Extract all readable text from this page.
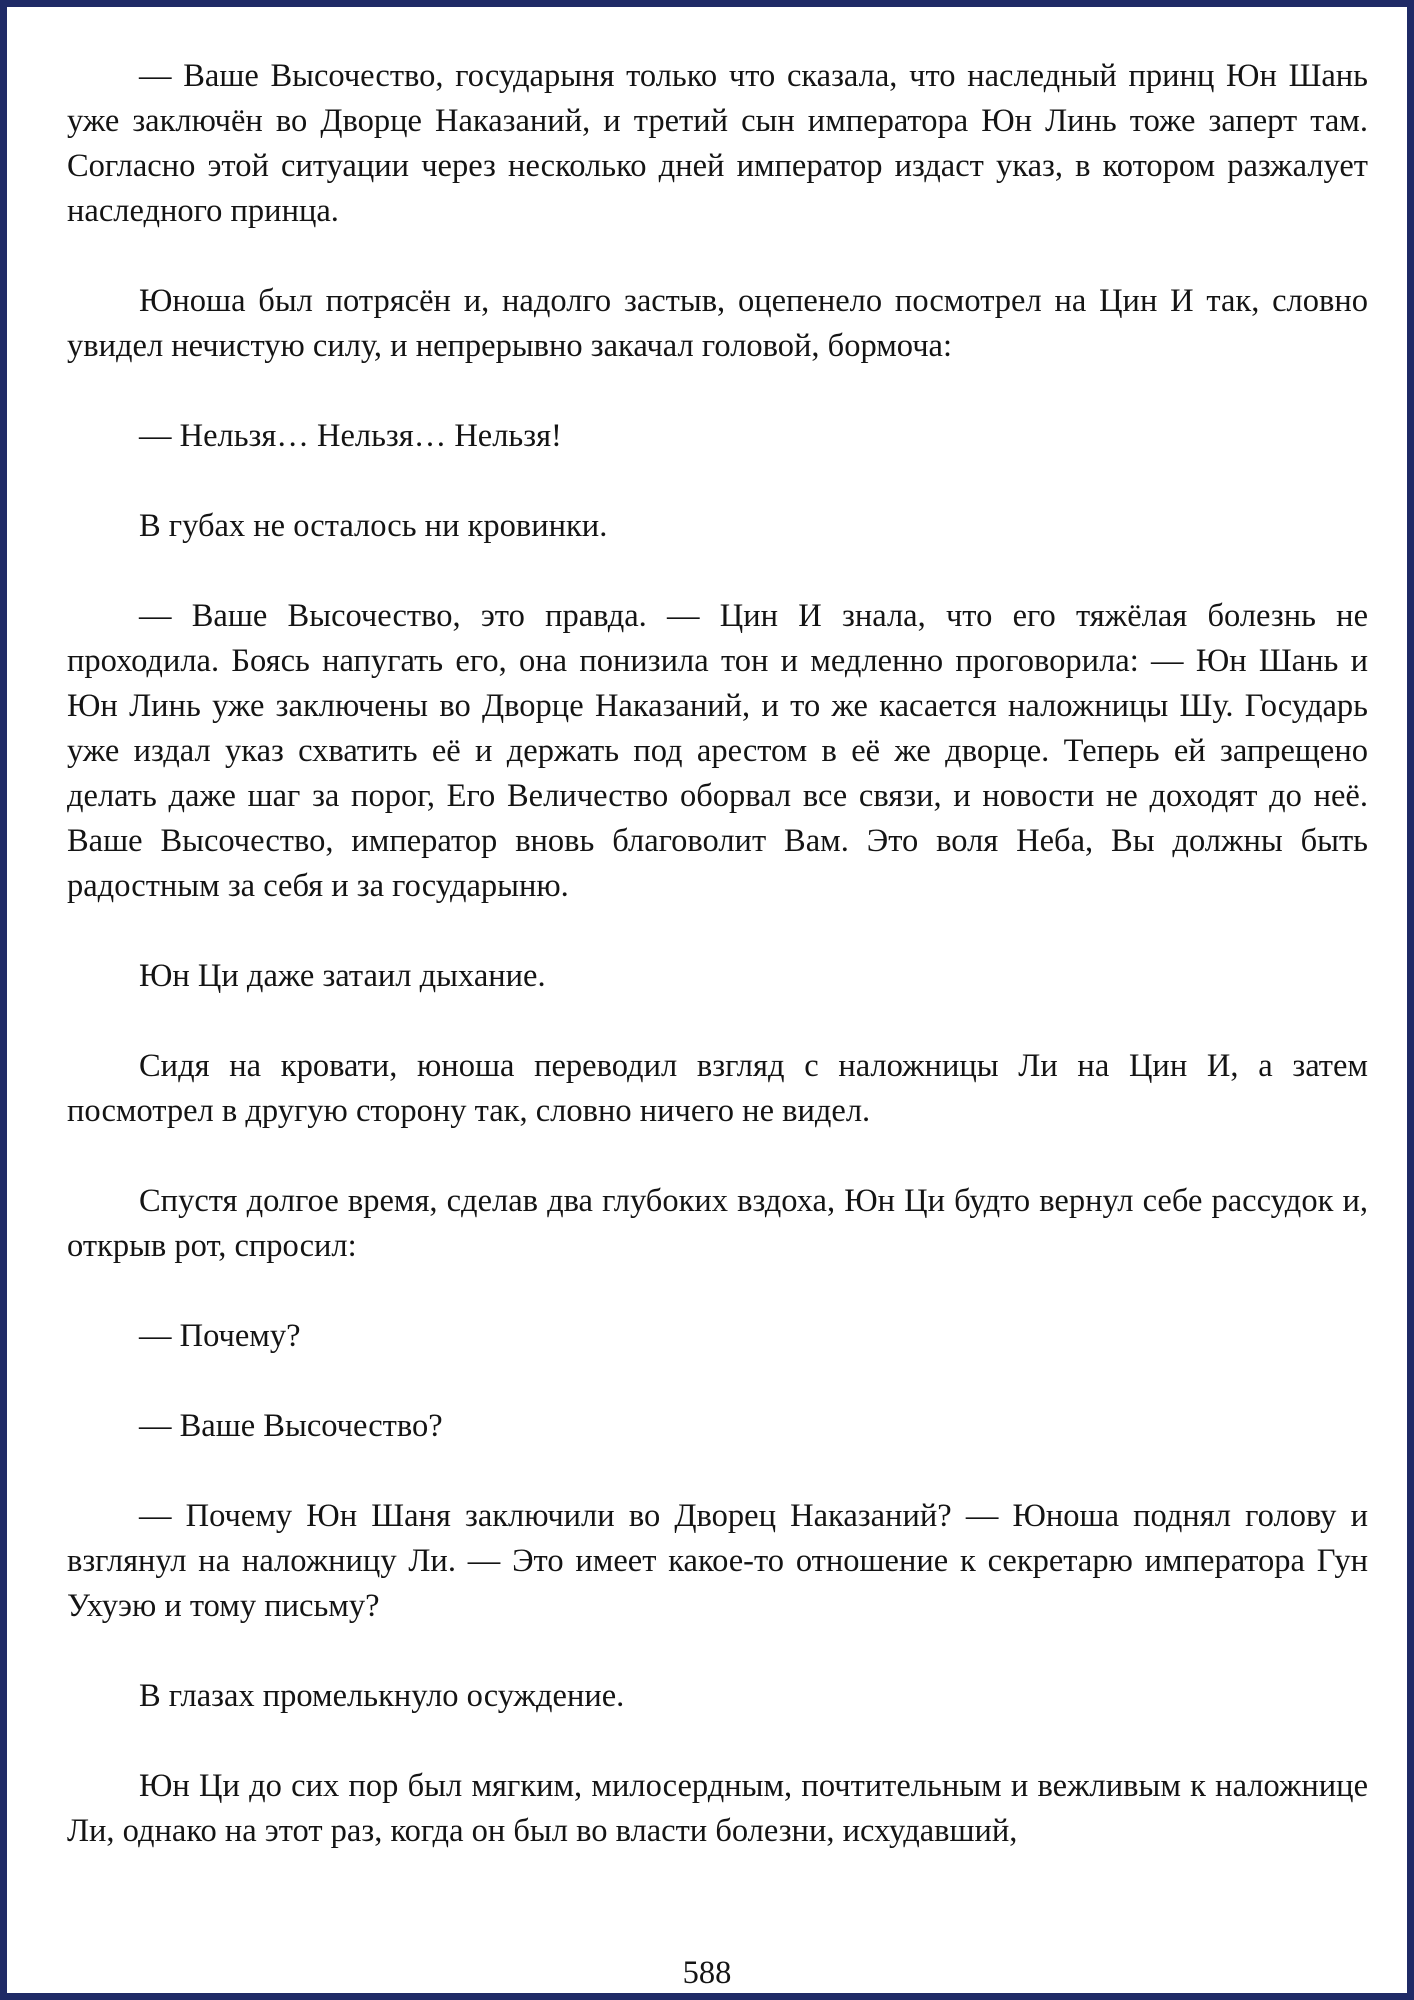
— Ваше Высочество, государыня только что сказала, что наследный принц Юн Шань уже заключён во Дворце Наказаний, и третий сын императора Юн Линь тоже заперт там. Согласно этой ситуации через несколько дней император издаст указ, в котором разжалует наследного принца.

Юноша был потрясён и, надолго застыв, оцепенело посмотрел на Цин И так, словно увидел нечистую силу, и непрерывно закачал головой, бормоча:

— Нельзя… Нельзя… Нельзя!

В губах не осталось ни кровинки.

— Ваше Высочество, это правда. — Цин И знала, что его тяжёлая болезнь не проходила. Боясь напугать его, она понизила тон и медленно проговорила: — Юн Шань и Юн Линь уже заключены во Дворце Наказаний, и то же касается наложницы Шу. Государь уже издал указ схватить её и держать под арестом в её же дворце. Теперь ей запрещено делать даже шаг за порог, Его Величество оборвал все связи, и новости не доходят до неё. Ваше Высочество, император вновь благоволит Вам. Это воля Неба, Вы должны быть радостным за себя и за государыню.

Юн Ци даже затаил дыхание.

Сидя на кровати, юноша переводил взгляд с наложницы Ли на Цин И, а затем посмотрел в другую сторону так, словно ничего не видел.

Спустя долгое время, сделав два глубоких вздоха, Юн Ци будто вернул себе рассудок и, открыв рот, спросил:

— Почему?

— Ваше Высочество?

— Почему Юн Шаня заключили во Дворец Наказаний? — Юноша поднял голову и взглянул на наложницу Ли. — Это имеет какое-то отношение к секретарю императора Гун Ухуэю и тому письму?

В глазах промелькнуло осуждение.

Юн Ци до сих пор был мягким, милосердным, почтительным и вежливым к наложнице Ли, однако на этот раз, когда он был во власти болезни, исхудавший,

588
